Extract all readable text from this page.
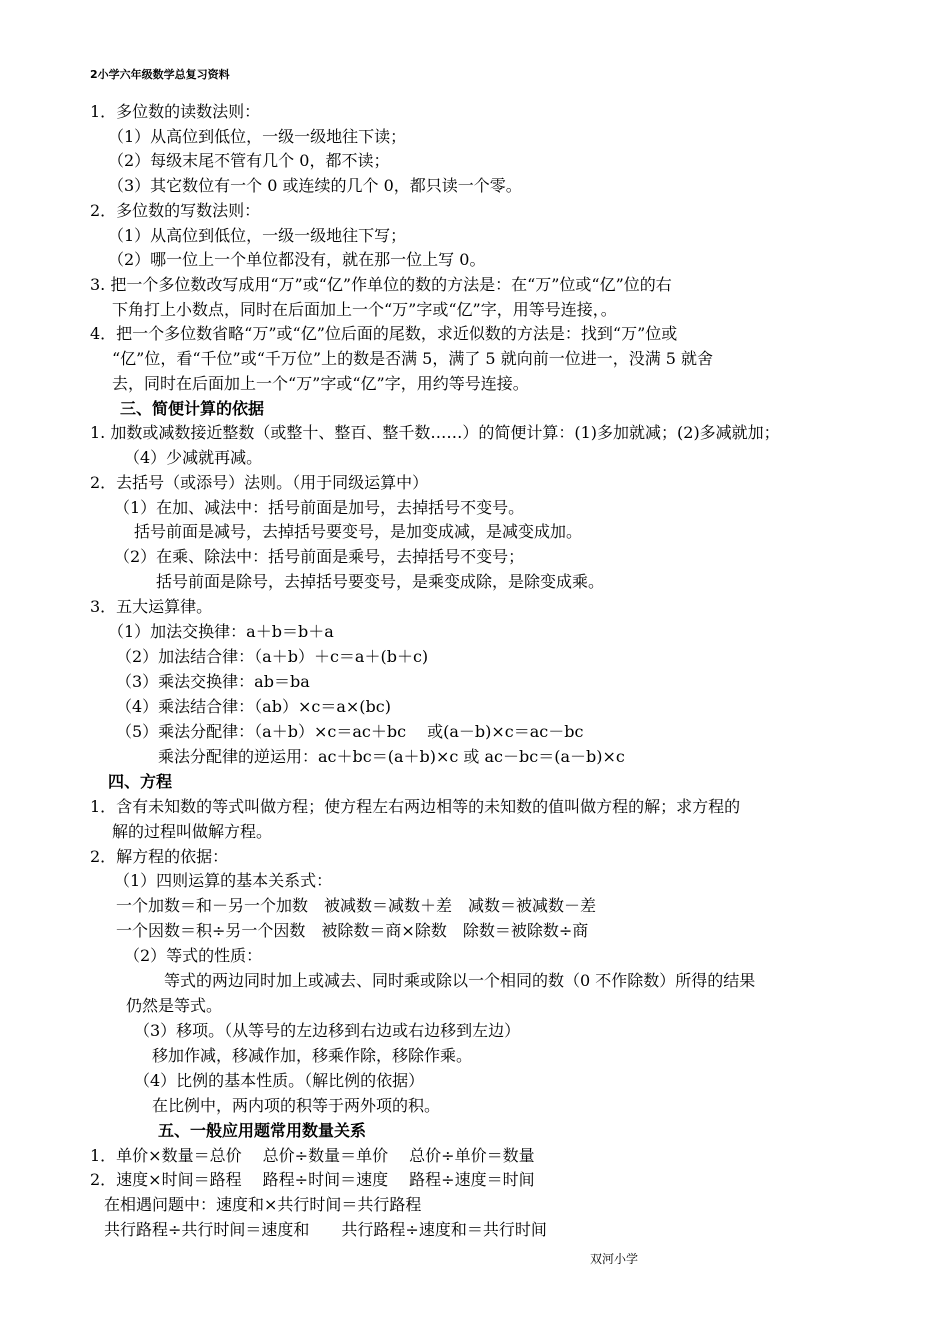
2小学六年级数学总复习资料
1．多位数的读数法则：
（1）从高位到低位，一级一级地往下读；
（2）每级末尾不管有几个 0，都不读；
（3）其它数位有一个 0 或连续的几个 0，都只读一个零。
2．多位数的写数法则：
（1）从高位到低位，一级一级地往下写；
（2）哪一位上一个单位都没有，就在那一位上写 0。
3. 把一个多位数改写成用“万”或“亿”作单位的数的方法是：在“万”位或“亿”位的右
下角打上小数点，同时在后面加上一个“万”字或“亿”字，用等号连接，。
4．把一个多位数省略“万”或“亿”位后面的尾数，求近似数的方法是：找到“万”位或
“亿”位，看“千位”或“千万位”上的数是否满 5，满了 5 就向前一位进一，没满 5 就舍
去，同时在后面加上一个“万”字或“亿”字，用约等号连接。
三、简便计算的依据
1. 加数或减数接近整数（或整十、整百、整千数……）的简便计算：(1)多加就减；(2)多减就加；
（4）少减就再减。
2．去括号（或添号）法则。（用于同级运算中）
（1）在加、减法中：括号前面是加号，去掉括号不变号。
括号前面是减号，去掉括号要变号，是加变成减，是减变成加。
（2）在乘、除法中：括号前面是乘号，去掉括号不变号；
括号前面是除号，去掉括号要变号，是乘变成除，是除变成乘。
3．五大运算律。
（1）加法交换律：a＋b＝b＋a
（2）加法结合律：（a＋b）＋c＝a＋(b＋c)
（3）乘法交换律：ab＝ba
（4）乘法结合律：（ab）×c＝a×(bc)
（5）乘法分配律：（a＋b）×c＝ac＋bc　 或(a－b)×c＝ac－bc
乘法分配律的逆运用：ac＋bc＝(a＋b)×c 或 ac－bc＝(a－b)×c
四、方程
1．含有未知数的等式叫做方程；使方程左右两边相等的未知数的值叫做方程的解；求方程的
解的过程叫做解方程。
2．解方程的依据：
（1）四则运算的基本关系式：
一个加数＝和－另一个加数　被减数＝减数＋差　减数＝被减数－差
一个因数＝积÷另一个因数　被除数＝商×除数　除数＝被除数÷商
（2）等式的性质：
等式的两边同时加上或减去、同时乘或除以一个相同的数（0 不作除数）所得的结果
仍然是等式。
（3）移项。（从等号的左边移到右边或右边移到左边）
移加作减，移减作加，移乘作除，移除作乘。
（4）比例的基本性质。（解比例的依据）
在比例中，两内项的积等于两外项的积。
五、一般应用题常用数量关系
1．单价×数量＝总价　 总价÷数量＝单价　 总价÷单价＝数量
2．速度×时间＝路程　 路程÷时间＝速度　 路程÷速度＝时间
在相遇问题中：速度和×共行时间＝共行路程
共行路程÷共行时间＝速度和　　共行路程÷速度和＝共行时间
双河小学
